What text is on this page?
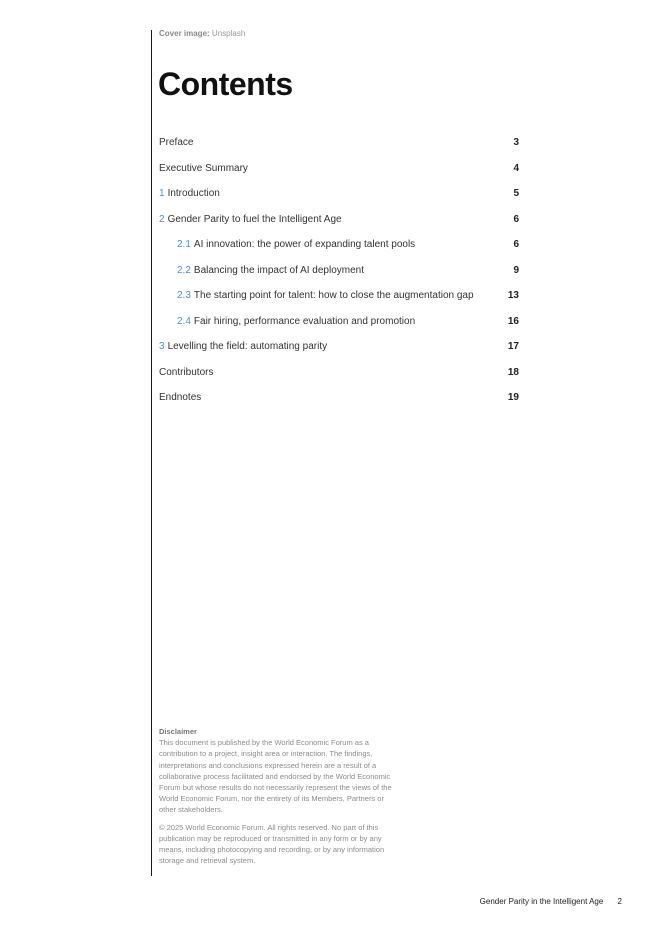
Cover image: Unsplash
Contents
Preface	3
Executive Summary	4
1 Introduction	5
2 Gender Parity to fuel the Intelligent Age	6
2.1 AI innovation: the power of expanding talent pools	6
2.2 Balancing the impact of AI deployment	9
2.3 The starting point for talent: how to close the augmentation gap	13
2.4 Fair hiring, performance evaluation and promotion	16
3 Levelling the field: automating parity	17
Contributors	18
Endnotes	19

Disclaimer

This document is published by the World Economic Forum as a contribution to a project, insight area or interaction. The findings, interpretations and conclusions expressed herein are a result of a collaborative process facilitated and endorsed by the World Economic Forum but whose results do not necessarily represent the views of the World Economic Forum, nor the entirety of its Members, Partners or other stakeholders.

© 2025 World Economic Forum. All rights reserved. No part of this publication may be reproduced or transmitted in any form or by any means, including photocopying and recording, or by any information storage and retrieval system.

Gender Parity in the Intelligent Age 2
